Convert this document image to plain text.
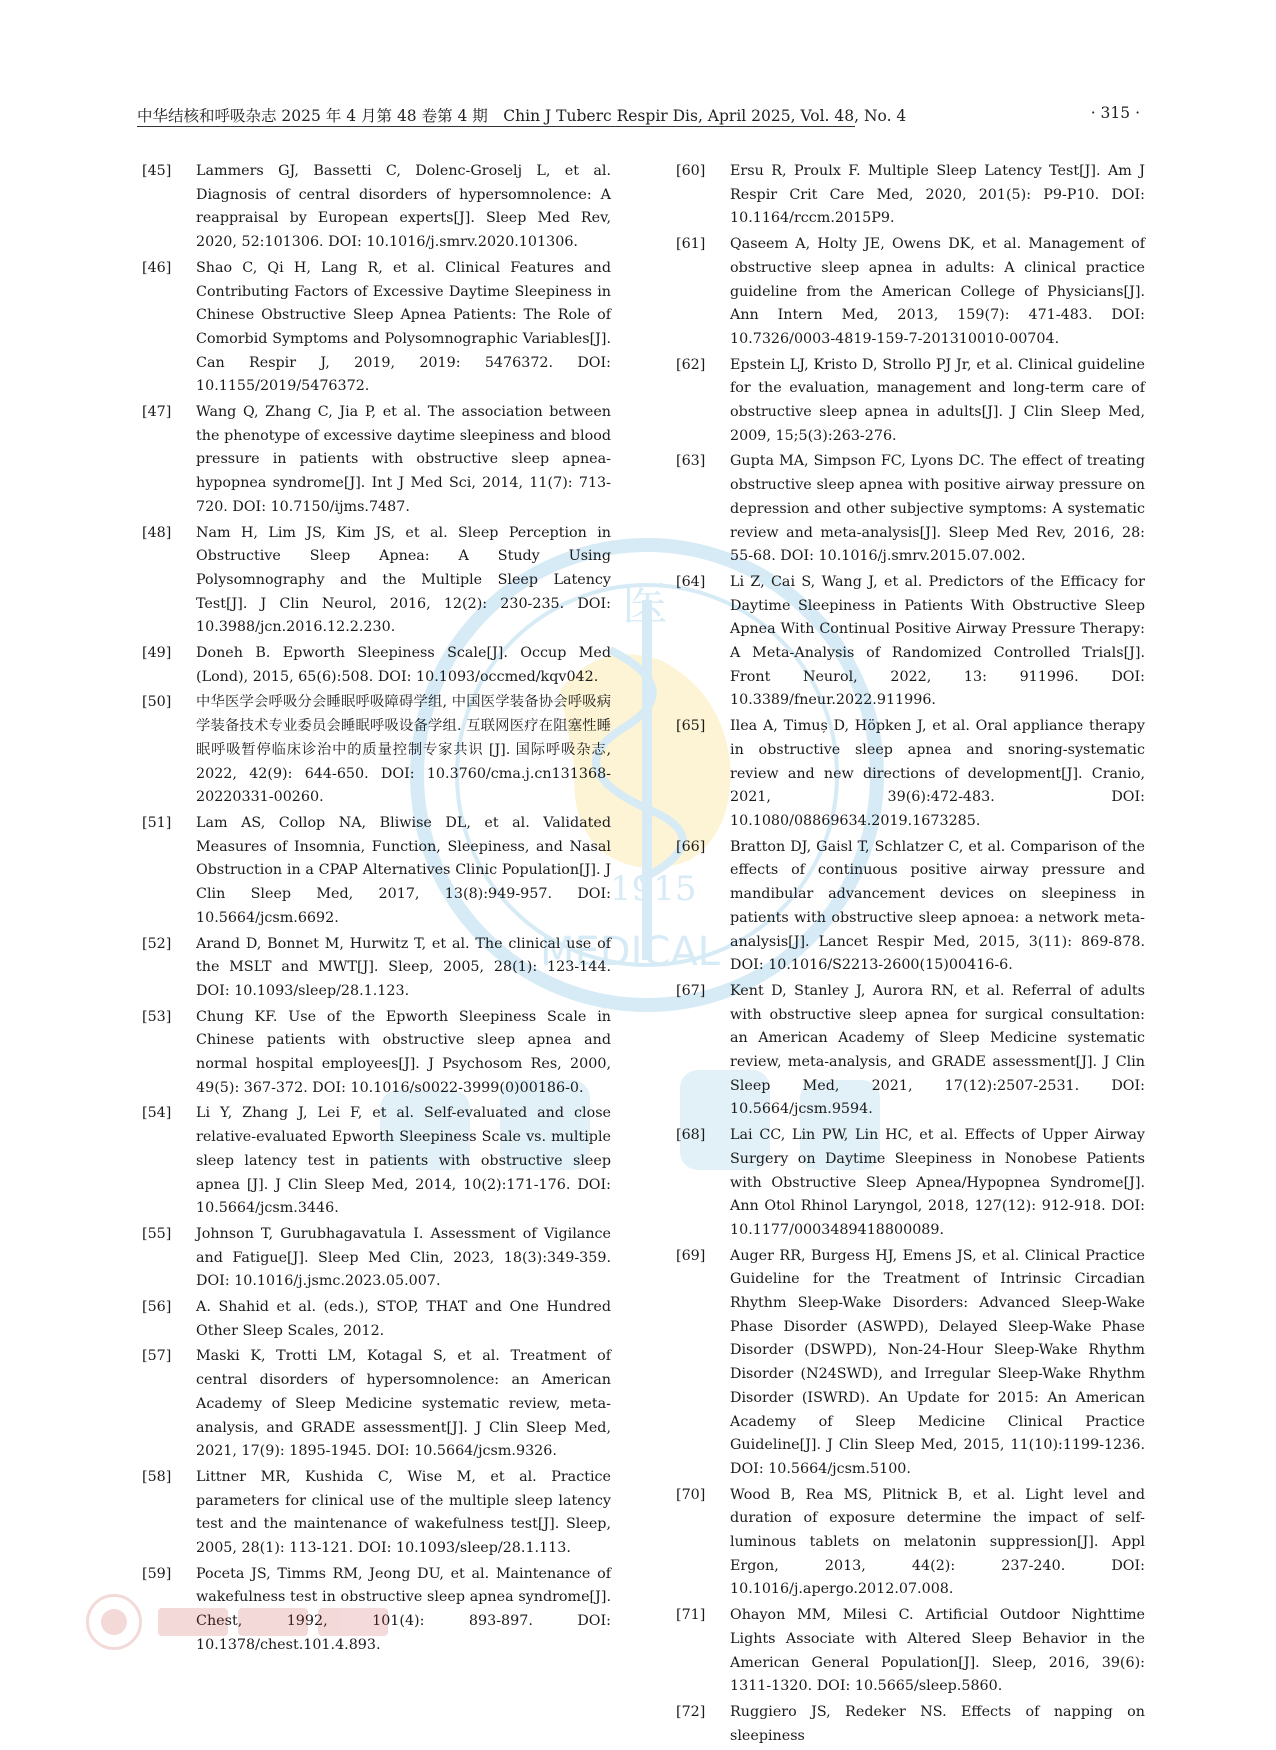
中华结核和呼吸杂志 2025 年 4 月第 48 卷第 4 期　Chin J Tuberc Respir Dis, April 2025, Vol. 48, No. 4	· 315 ·
医
1915
MEDICAL
[45]	Lammers GJ, Bassetti C, Dolenc-Groselj L, et al. Diagnosis of central disorders of hypersomnolence: A reappraisal by European experts[J]. Sleep Med Rev, 2020, 52:101306. DOI: 10.1016/j.smrv.2020.101306.
[46]	Shao C, Qi H, Lang R, et al. Clinical Features and Contributing Factors of Excessive Daytime Sleepiness in Chinese Obstructive Sleep Apnea Patients: The Role of Comorbid Symptoms and Polysomnographic Variables[J]. Can Respir J, 2019, 2019: 5476372. DOI: 10.1155/2019/5476372.
[47]	Wang Q, Zhang C, Jia P, et al. The association between the phenotype of excessive daytime sleepiness and blood pressure in patients with obstructive sleep apnea-hypopnea syndrome[J]. Int J Med Sci, 2014, 11(7): 713-720. DOI: 10.7150/ijms.7487.
[48]	Nam H, Lim JS, Kim JS, et al. Sleep Perception in Obstructive Sleep Apnea: A Study Using Polysomnography and the Multiple Sleep Latency Test[J]. J Clin Neurol, 2016, 12(2): 230-235. DOI: 10.3988/jcn.2016.12.2.230.
[49]	Doneh B. Epworth Sleepiness Scale[J]. Occup Med (Lond), 2015, 65(6):508. DOI: 10.1093/occmed/kqv042.
[50]	中华医学会呼吸分会睡眠呼吸障碍学组, 中国医学装备协会呼吸病学装备技术专业委员会睡眠呼吸设备学组. 互联网医疗在阻塞性睡眠呼吸暂停临床诊治中的质量控制专家共识 [J]. 国际呼吸杂志, 2022, 42(9): 644-650. DOI: 10.3760/cma.j.cn131368-20220331-00260.
[51]	Lam AS, Collop NA, Bliwise DL, et al. Validated Measures of Insomnia, Function, Sleepiness, and Nasal Obstruction in a CPAP Alternatives Clinic Population[J]. J Clin Sleep Med, 2017, 13(8):949-957. DOI: 10.5664/jcsm.6692.
[52]	Arand D, Bonnet M, Hurwitz T, et al. The clinical use of the MSLT and MWT[J]. Sleep, 2005, 28(1): 123-144. DOI: 10.1093/sleep/28.1.123.
[53]	Chung KF. Use of the Epworth Sleepiness Scale in Chinese patients with obstructive sleep apnea and normal hospital employees[J]. J Psychosom Res, 2000, 49(5): 367-372. DOI: 10.1016/s0022-3999(0)00186-0.
[54]	Li Y, Zhang J, Lei F, et al. Self-evaluated and close relative-evaluated Epworth Sleepiness Scale vs. multiple sleep latency test in patients with obstructive sleep apnea [J]. J Clin Sleep Med, 2014, 10(2):171-176. DOI: 10.5664/jcsm.3446.
[55]	Johnson T, Gurubhagavatula I. Assessment of Vigilance and Fatigue[J]. Sleep Med Clin, 2023, 18(3):349-359. DOI: 10.1016/j.jsmc.2023.05.007.
[56]	A. Shahid et al. (eds.), STOP, THAT and One Hundred Other Sleep Scales, 2012.
[57]	Maski K, Trotti LM, Kotagal S, et al. Treatment of central disorders of hypersomnolence: an American Academy of Sleep Medicine systematic review, meta-analysis, and GRADE assessment[J]. J Clin Sleep Med, 2021, 17(9): 1895-1945. DOI: 10.5664/jcsm.9326.
[58]	Littner MR, Kushida C, Wise M, et al. Practice parameters for clinical use of the multiple sleep latency test and the maintenance of wakefulness test[J]. Sleep, 2005, 28(1): 113-121. DOI: 10.1093/sleep/28.1.113.
[59]	Poceta JS, Timms RM, Jeong DU, et al. Maintenance of wakefulness test in obstructive sleep apnea syndrome[J]. Chest, 1992, 101(4): 893-897. DOI: 10.1378/chest.101.4.893.
[60]	Ersu R, Proulx F. Multiple Sleep Latency Test[J]. Am J Respir Crit Care Med, 2020, 201(5): P9-P10. DOI: 10.1164/rccm.2015P9.
[61]	Qaseem A, Holty JE, Owens DK, et al. Management of obstructive sleep apnea in adults: A clinical practice guideline from the American College of Physicians[J]. Ann Intern Med, 2013, 159(7): 471-483. DOI: 10.7326/0003-4819-159-7-201310010-00704.
[62]	Epstein LJ, Kristo D, Strollo PJ Jr, et al. Clinical guideline for the evaluation, management and long-term care of obstructive sleep apnea in adults[J]. J Clin Sleep Med, 2009, 15;5(3):263-276.
[63]	Gupta MA, Simpson FC, Lyons DC. The effect of treating obstructive sleep apnea with positive airway pressure on depression and other subjective symptoms: A systematic review and meta-analysis[J]. Sleep Med Rev, 2016, 28: 55-68. DOI: 10.1016/j.smrv.2015.07.002.
[64]	Li Z, Cai S, Wang J, et al. Predictors of the Efficacy for Daytime Sleepiness in Patients With Obstructive Sleep Apnea With Continual Positive Airway Pressure Therapy: A Meta-Analysis of Randomized Controlled Trials[J]. Front Neurol, 2022, 13: 911996. DOI: 10.3389/fneur.2022.911996.
[65]	Ilea A, Timuș D, Höpken J, et al. Oral appliance therapy in obstructive sleep apnea and snoring-systematic review and new directions of development[J]. Cranio, 2021, 39(6):472-483. DOI: 10.1080/08869634.2019.1673285.
[66]	Bratton DJ, Gaisl T, Schlatzer C, et al. Comparison of the effects of continuous positive airway pressure and mandibular advancement devices on sleepiness in patients with obstructive sleep apnoea: a network meta-analysis[J]. Lancet Respir Med, 2015, 3(11): 869-878. DOI: 10.1016/S2213-2600(15)00416-6.
[67]	Kent D, Stanley J, Aurora RN, et al. Referral of adults with obstructive sleep apnea for surgical consultation: an American Academy of Sleep Medicine systematic review, meta-analysis, and GRADE assessment[J]. J Clin Sleep Med, 2021, 17(12):2507-2531. DOI: 10.5664/jcsm.9594.
[68]	Lai CC, Lin PW, Lin HC, et al. Effects of Upper Airway Surgery on Daytime Sleepiness in Nonobese Patients with Obstructive Sleep Apnea/Hypopnea Syndrome[J]. Ann Otol Rhinol Laryngol, 2018, 127(12): 912-918. DOI: 10.1177/0003489418800089.
[69]	Auger RR, Burgess HJ, Emens JS, et al. Clinical Practice Guideline for the Treatment of Intrinsic Circadian Rhythm Sleep-Wake Disorders: Advanced Sleep-Wake Phase Disorder (ASWPD), Delayed Sleep-Wake Phase Disorder (DSWPD), Non-24-Hour Sleep-Wake Rhythm Disorder (N24SWD), and Irregular Sleep-Wake Rhythm Disorder (ISWRD). An Update for 2015: An American Academy of Sleep Medicine Clinical Practice Guideline[J]. J Clin Sleep Med, 2015, 11(10):1199-1236. DOI: 10.5664/jcsm.5100.
[70]	Wood B, Rea MS, Plitnick B, et al. Light level and duration of exposure determine the impact of self-luminous tablets on melatonin suppression[J]. Appl Ergon, 2013, 44(2): 237-240. DOI: 10.1016/j.apergo.2012.07.008.
[71]	Ohayon MM, Milesi C. Artificial Outdoor Nighttime Lights Associate with Altered Sleep Behavior in the American General Population[J]. Sleep, 2016, 39(6): 1311-1320. DOI: 10.5665/sleep.5860.
[72]	Ruggiero JS, Redeker NS. Effects of napping on sleepiness
